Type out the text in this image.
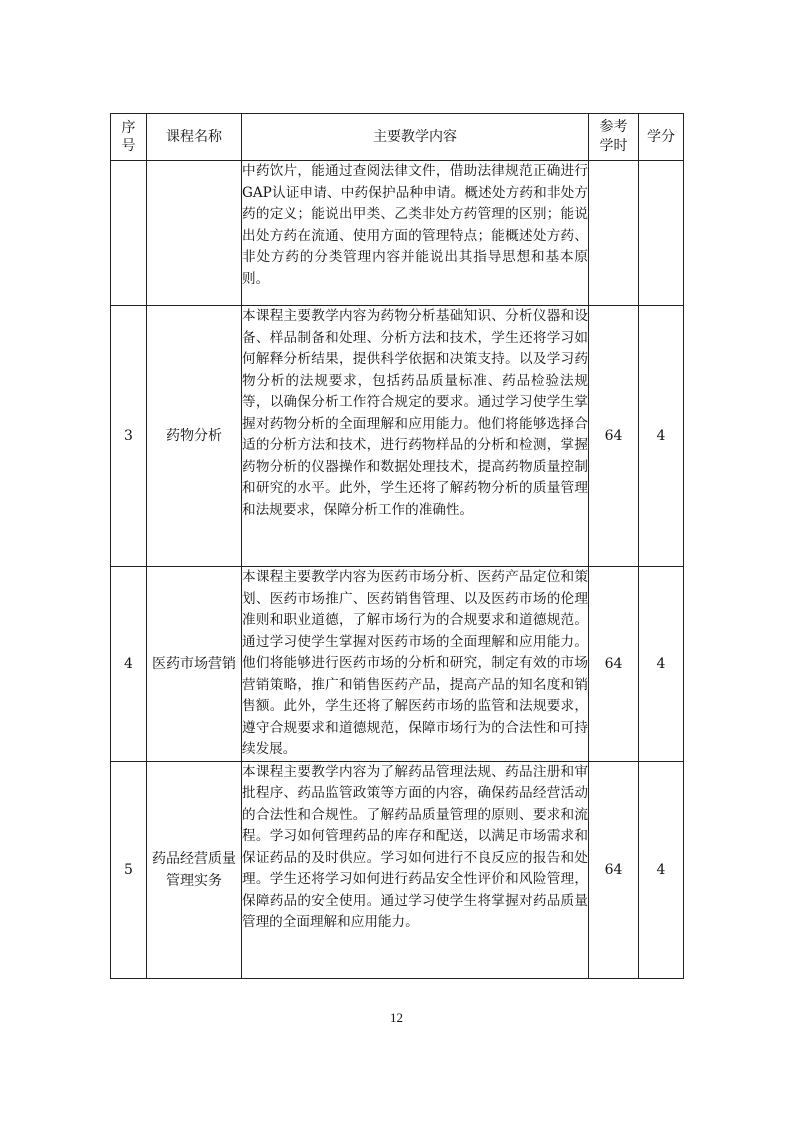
序号	课程名称	主要教学内容	参考学时	学分
		中药饮片，能通过查阅法律文件，借助法律规范正确进行GAP认证申请、中药保护品种申请。概述处方药和非处方药的定义；能说出甲类、乙类非处方药管理的区别；能说出处方药在流通、使用方面的管理特点；能概述处方药、非处方药的分类管理内容并能说出其指导思想和基本原则。		
3	药物分析	本课程主要教学内容为药物分析基础知识、分析仪器和设备、样品制备和处理、分析方法和技术，学生还将学习如何解释分析结果，提供科学依据和决策支持。以及学习药物分析的法规要求，包括药品质量标准、药品检验法规等，以确保分析工作符合规定的要求。通过学习使学生掌握对药物分析的全面理解和应用能力。他们将能够选择合适的分析方法和技术，进行药物样品的分析和检测，掌握药物分析的仪器操作和数据处理技术，提高药物质量控制和研究的水平。此外，学生还将了解药物分析的质量管理和法规要求，保障分析工作的准确性。	64	4
4	医药市场营销	本课程主要教学内容为医药市场分析、医药产品定位和策划、医药市场推广、医药销售管理、以及医药市场的伦理准则和职业道德，了解市场行为的合规要求和道德规范。通过学习使学生掌握对医药市场的全面理解和应用能力。他们将能够进行医药市场的分析和研究，制定有效的市场营销策略，推广和销售医药产品，提高产品的知名度和销售额。此外，学生还将了解医药市场的监管和法规要求，遵守合规要求和道德规范，保障市场行为的合法性和可持续发展。	64	4
5	药品经营质量管理实务	本课程主要教学内容为了解药品管理法规、药品注册和审批程序、药品监管政策等方面的内容，确保药品经营活动的合法性和合规性。了解药品质量管理的原则、要求和流程。学习如何管理药品的库存和配送，以满足市场需求和保证药品的及时供应。学习如何进行不良反应的报告和处理。学生还将学习如何进行药品安全性评价和风险管理，保障药品的安全使用。通过学习使学生将掌握对药品质量管理的全面理解和应用能力。	64	4
12
